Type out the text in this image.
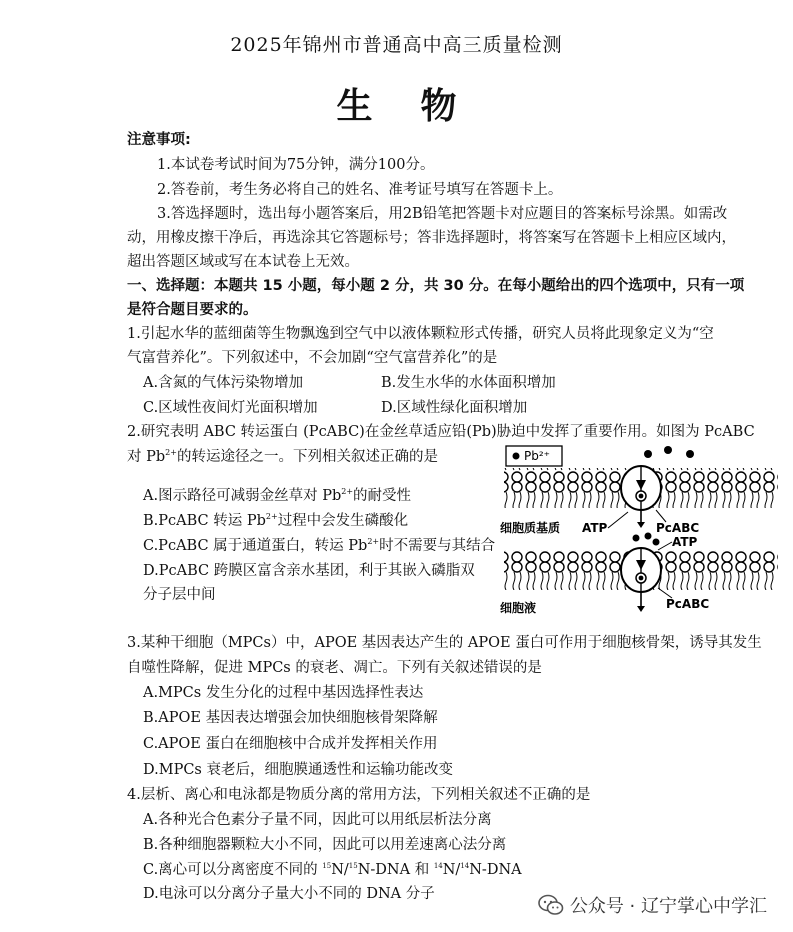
2025年锦州市普通高中高三质量检测
生物
注意事项:
1.本试卷考试时间为75分钟，满分100分。
2.答卷前，考生务必将自己的姓名、准考证号填写在答题卡上。
3.答选择题时，选出每小题答案后，用2B铅笔把答题卡对应题目的答案标号涂黑。如需改
动，用橡皮擦干净后，再选涂其它答题标号；答非选择题时，将答案写在答题卡上相应区域内，
超出答题区域或写在本试卷上无效。
一、选择题：本题共 15 小题，每小题 2 分，共 30 分。在每小题给出的四个选项中，只有一项
是符合题目要求的。
1.引起水华的蓝细菌等生物飘逸到空气中以液体颗粒形式传播，研究人员将此现象定义为“空
气富营养化”。下列叙述中，不会加剧“空气富营养化”的是
A.含氮的气体污染物增加	B.发生水华的水体面积增加
C.区域性夜间灯光面积增加	D.区域性绿化面积增加
2.研究表明 ABC 转运蛋白 (PcABC)在金丝草适应铅(Pb)胁迫中发挥了重要作用。如图为 PcABC
对 $Pb^{2+}$的转运途径之一。下列相关叙述正确的是
A.图示路径可减弱金丝草对 $Pb^{2+}$的耐受性
B.PcABC 转运 $Pb^{2+}$过程中会发生磷酸化
C.PcABC 属于通道蛋白，转运 $Pb^{2+}$时不需要与其结合
D.PcABC 跨膜区富含亲水基团，利于其嵌入磷脂双
分子层中间
Pb²⁺
细胞质基质 ATP	PcABC
ATP
细胞液	PcABC
3.某种干细胞（MPCs）中，APOE 基因表达产生的 APOE 蛋白可作用于细胞核骨架，诱导其发生
自噬性降解，促进 MPCs 的衰老、凋亡。下列有关叙述错误的是
A.MPCs 发生分化的过程中基因选择性表达
B.APOE 基因表达增强会加快细胞核骨架降解
C.APOE 蛋白在细胞核中合成并发挥相关作用
D.MPCs 衰老后，细胞膜通透性和运输功能改变
4.层析、离心和电泳都是物质分离的常用方法，下列相关叙述不正确的是
A.各种光合色素分子量不同，因此可以用纸层析法分离
B.各种细胞器颗粒大小不同，因此可以用差速离心法分离
C.离心可以分离密度不同的 $^{15}$N/$^{15}$N-DNA 和 $^{14}$N/$^{14}$N-DNA
D.电泳可以分离分子量大小不同的 DNA 分子
公众号 · 辽宁掌心中学汇
